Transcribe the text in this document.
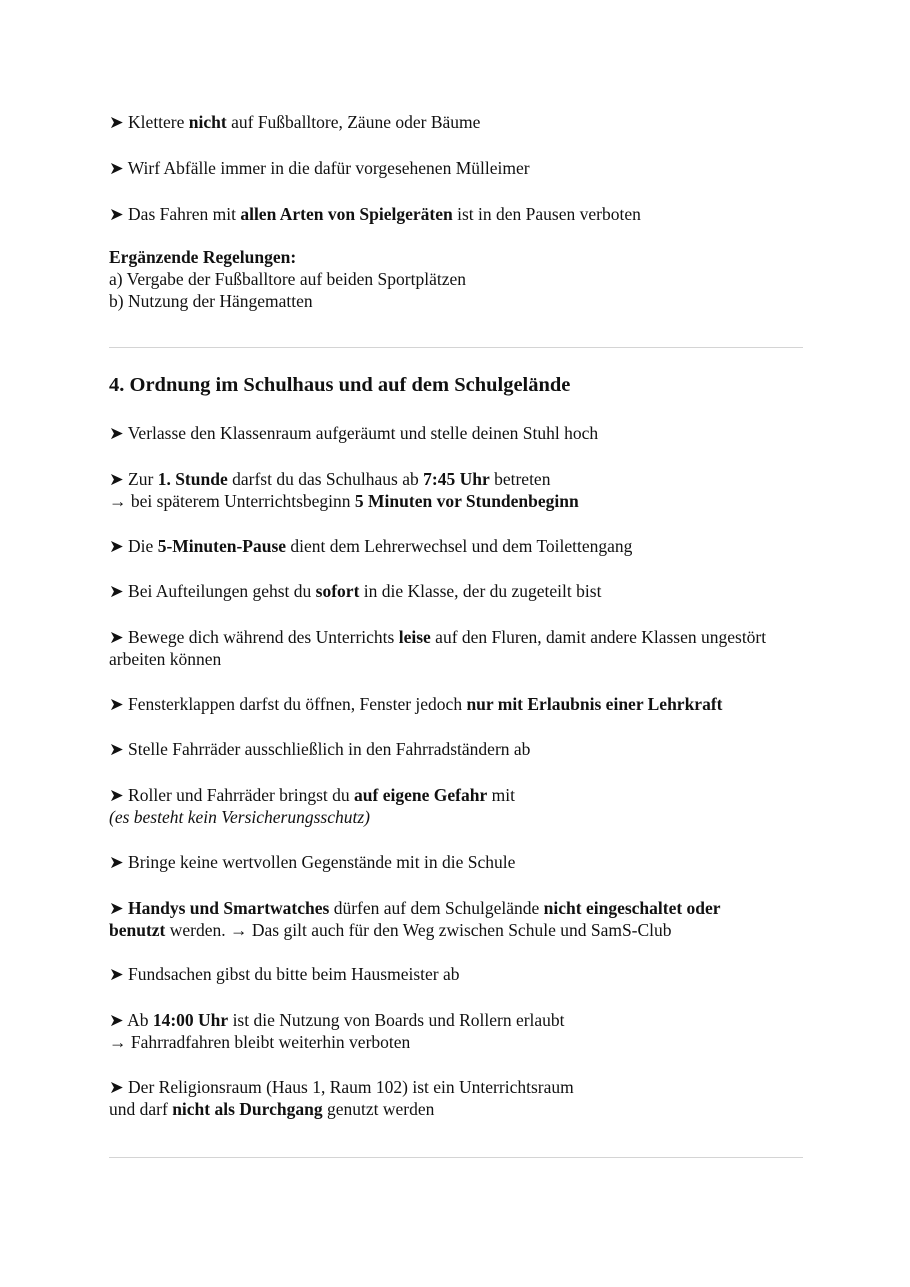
➤ Klettere nicht auf Fußballtore, Zäune oder Bäume
➤ Wirf Abfälle immer in die dafür vorgesehenen Mülleimer
➤ Das Fahren mit allen Arten von Spielgeräten ist in den Pausen verboten
Ergänzende Regelungen:
a) Vergabe der Fußballtore auf beiden Sportplätzen
b) Nutzung der Hängematten
4. Ordnung im Schulhaus und auf dem Schulgelände
➤ Verlasse den Klassenraum aufgeräumt und stelle deinen Stuhl hoch
➤ Zur 1. Stunde darfst du das Schulhaus ab 7:45 Uhr betreten
→ bei späterem Unterrichtsbeginn 5 Minuten vor Stundenbeginn
➤ Die 5-Minuten-Pause dient dem Lehrerwechsel und dem Toilettengang
➤ Bei Aufteilungen gehst du sofort in die Klasse, der du zugeteilt bist
➤ Bewege dich während des Unterrichts leise auf den Fluren, damit andere Klassen ungestört
arbeiten können
➤ Fensterklappen darfst du öffnen, Fenster jedoch nur mit Erlaubnis einer Lehrkraft
➤ Stelle Fahrräder ausschließlich in den Fahrradständern ab
➤ Roller und Fahrräder bringst du auf eigene Gefahr mit
(es besteht kein Versicherungsschutz)
➤ Bringe keine wertvollen Gegenstände mit in die Schule
➤ Handys und Smartwatches dürfen auf dem Schulgelände nicht eingeschaltet oder
benutzt werden. → Das gilt auch für den Weg zwischen Schule und SamS-Club
➤ Fundsachen gibst du bitte beim Hausmeister ab
➤ Ab 14:00 Uhr ist die Nutzung von Boards und Rollern erlaubt
→ Fahrradfahren bleibt weiterhin verboten
➤ Der Religionsraum (Haus 1, Raum 102) ist ein Unterrichtsraum
und darf nicht als Durchgang genutzt werden
